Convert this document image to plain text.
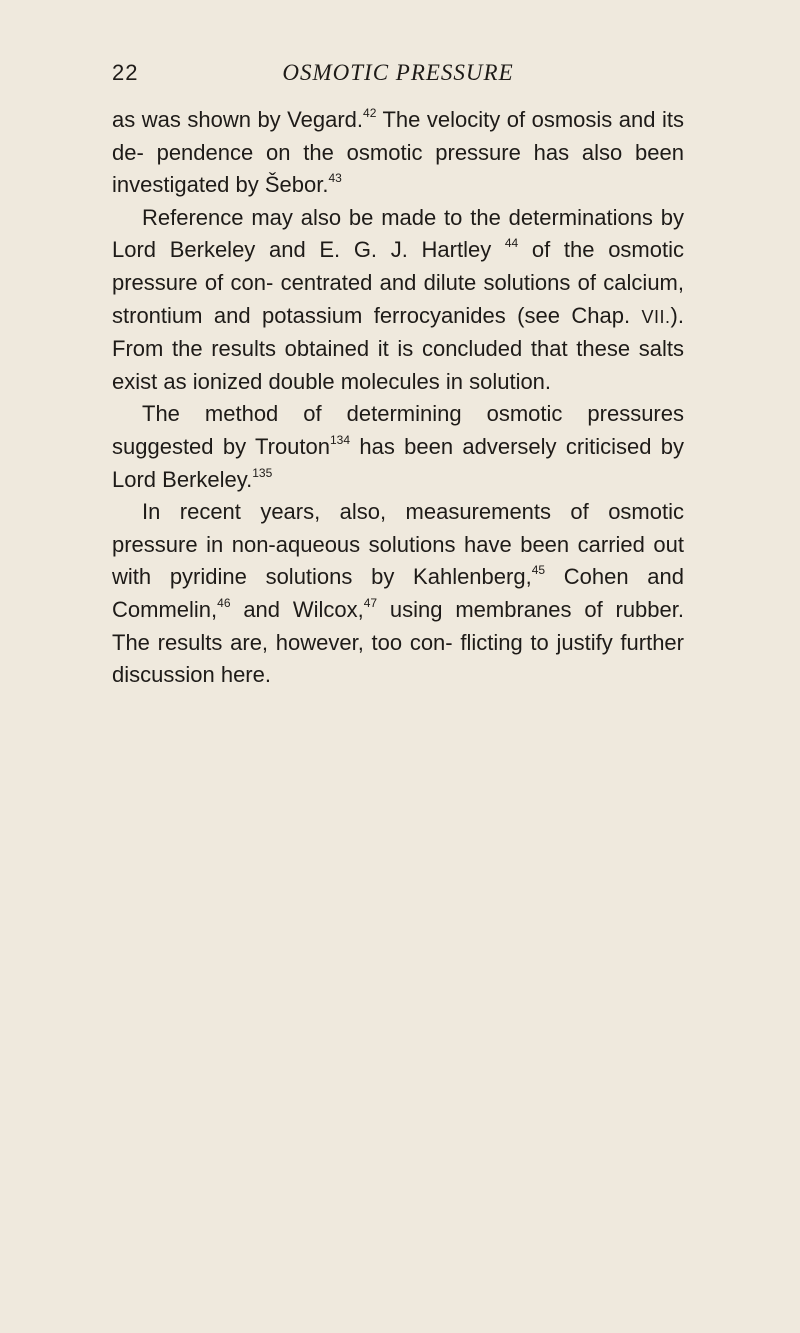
22	OSMOTIC PRESSURE

as was shown by Vegard.$^{42}$ The velocity of osmosis and its de- pendence on the osmotic pressure has also been investigated by Šebor.$^{43}$

Reference may also be made to the determinations by Lord Berkeley and E. G. J. Hartley $^{44}$ of the osmotic pressure of con- centrated and dilute solutions of calcium, strontium and potassium ferrocyanides (see Chap. VII.). From the results obtained it is concluded that these salts exist as ionized double molecules in solution.

The method of determining osmotic pressures suggested by Trouton$^{134}$ has been adversely criticised by Lord Berkeley.$^{135}$

In recent years, also, measurements of osmotic pressure in non-aqueous solutions have been carried out with pyridine solutions by Kahlenberg,$^{45}$ Cohen and Commelin,$^{46}$ and Wilcox,$^{47}$ using membranes of rubber. The results are, however, too con- flicting to justify further discussion here.
